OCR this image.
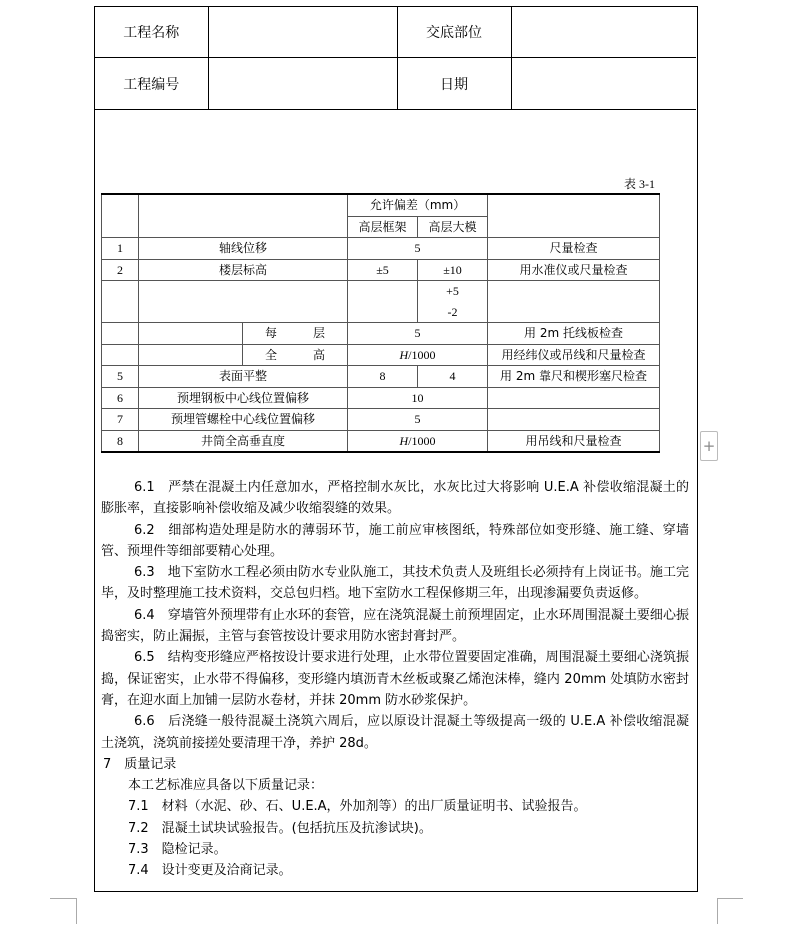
工程名称		交底部位	
工程编号		日期	
表 3-1
			允许偏差（mm）		
			高层框架	高层大模	
1	轴线位移		5		尺量检查
2	楼层标高		±5	±10	用水准仪或尺量检查
				+5	
				-2	
		每　　　 层	5		用 2m 托线板检查
		全　　　 高	H/1000		用经纬仪或吊线和尺量检查
5	表面平整		8	4	用 2m 靠尺和楔形塞尺检查
6	预埋钢板中心线位置偏移		10		
7	预埋管螺栓中心线位置偏移		5		
8	井筒全高垂直度		H/1000		用吊线和尺量检查

6.1　严禁在混凝土内任意加水，严格控制水灰比，水灰比过大将影响 U.E.A 补偿收缩混凝土的膨胀率，直接影响补偿收缩及减少收缩裂缝的效果。

6.2　细部构造处理是防水的薄弱环节，施工前应审核图纸，特殊部位如变形缝、施工缝、穿墙管、预埋件等细部要精心处理。

6.3　地下室防水工程必须由防水专业队施工，其技术负责人及班组长必须持有上岗证书。施工完毕，及时整理施工技术资料，交总包归档。地下室防水工程保修期三年，出现渗漏要负责返修。

6.4　穿墙管外预埋带有止水环的套管，应在浇筑混凝土前预埋固定，止水环周围混凝土要细心振捣密实，防止漏振，主管与套管按设计要求用防水密封膏封严。

6.5　结构变形缝应严格按设计要求进行处理，止水带位置要固定准确，周围混凝土要细心浇筑振捣，保证密实，止水带不得偏移，变形缝内填沥青木丝板或聚乙烯泡沫棒，缝内 20mm 处填防水密封膏，在迎水面上加铺一层防水卷材，并抹 20mm 防水砂浆保护。

6.6　后浇缝一般待混凝土浇筑六周后，应以原设计混凝土等级提高一级的 U.E.A 补偿收缩混凝土浇筑，浇筑前接搓处要清理干净，养护 28d。

7　质量记录

本工艺标准应具备以下质量记录：

7.1　材料（水泥、砂、石、U.E.A，外加剂等）的出厂质量证明书、试验报告。

7.2　混凝土试块试验报告。(包括抗压及抗渗试块)。

7.3　隐检记录。

7.4　设计变更及洽商记录。

+
